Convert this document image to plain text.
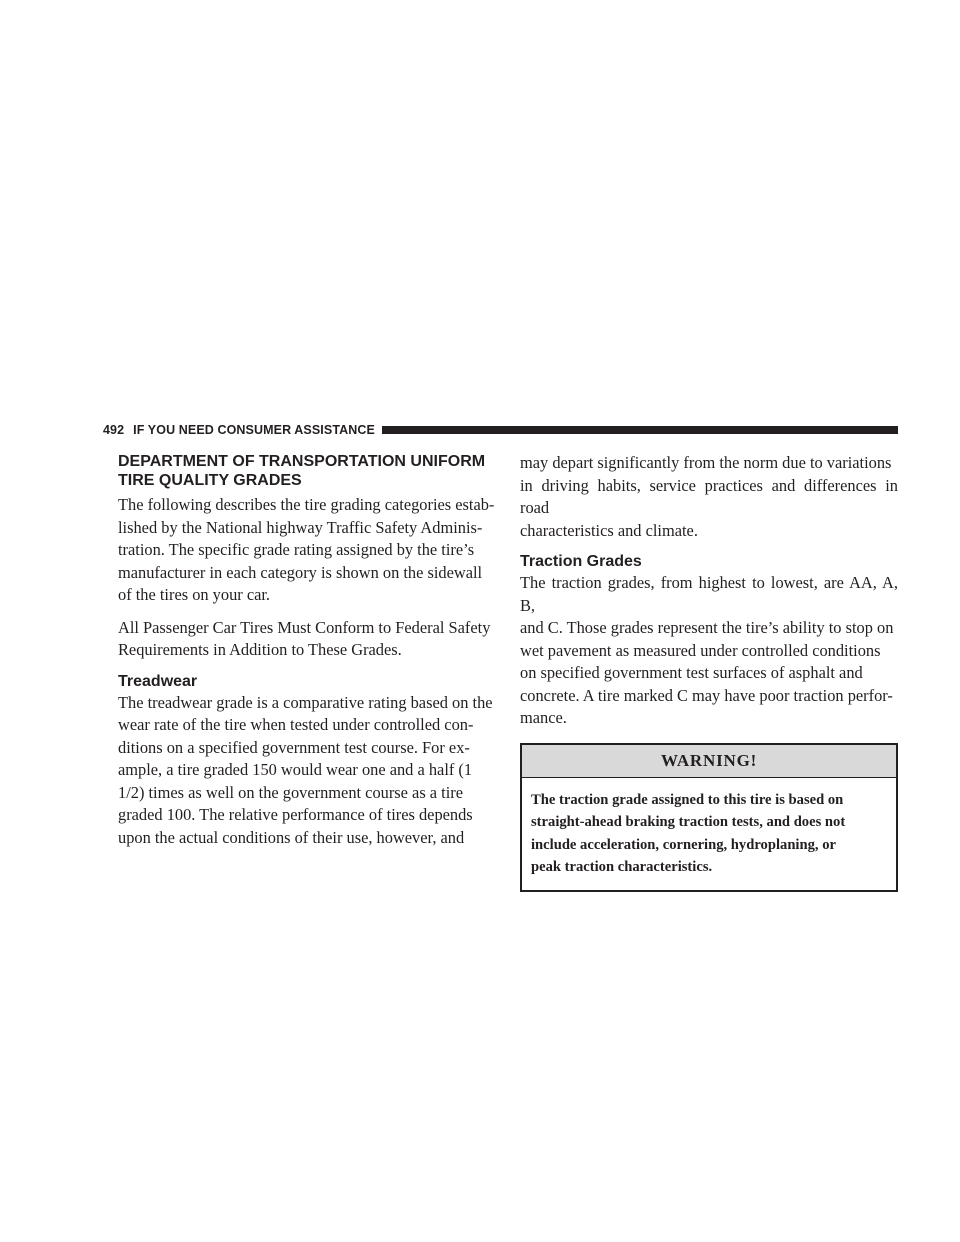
492 IF YOU NEED CONSUMER ASSISTANCE
DEPARTMENT OF TRANSPORTATION UNIFORM
TIRE QUALITY GRADES

The following describes the tire grading categories estab-
lished by the National highway Traffic Safety Adminis-
tration. The specific grade rating assigned by the tire’s
manufacturer in each category is shown on the sidewall
of the tires on your car.

All Passenger Car Tires Must Conform to Federal Safety
Requirements in Addition to These Grades.

Treadwear

The treadwear grade is a comparative rating based on the
wear rate of the tire when tested under controlled con-
ditions on a specified government test course. For ex-
ample, a tire graded 150 would wear one and a half (1
1/2) times as well on the government course as a tire
graded 100. The relative performance of tires depends
upon the actual conditions of their use, however, and

may depart significantly from the norm due to variations
in driving habits, service practices and differences in road
characteristics and climate.

Traction Grades

The traction grades, from highest to lowest, are AA, A, B,
and C. Those grades represent the tire’s ability to stop on
wet pavement as measured under controlled conditions
on specified government test surfaces of asphalt and
concrete. A tire marked C may have poor traction perfor-
mance.

WARNING!
The traction grade assigned to this tire is based on
straight-ahead braking traction tests, and does not
include acceleration, cornering, hydroplaning, or
peak traction characteristics.
